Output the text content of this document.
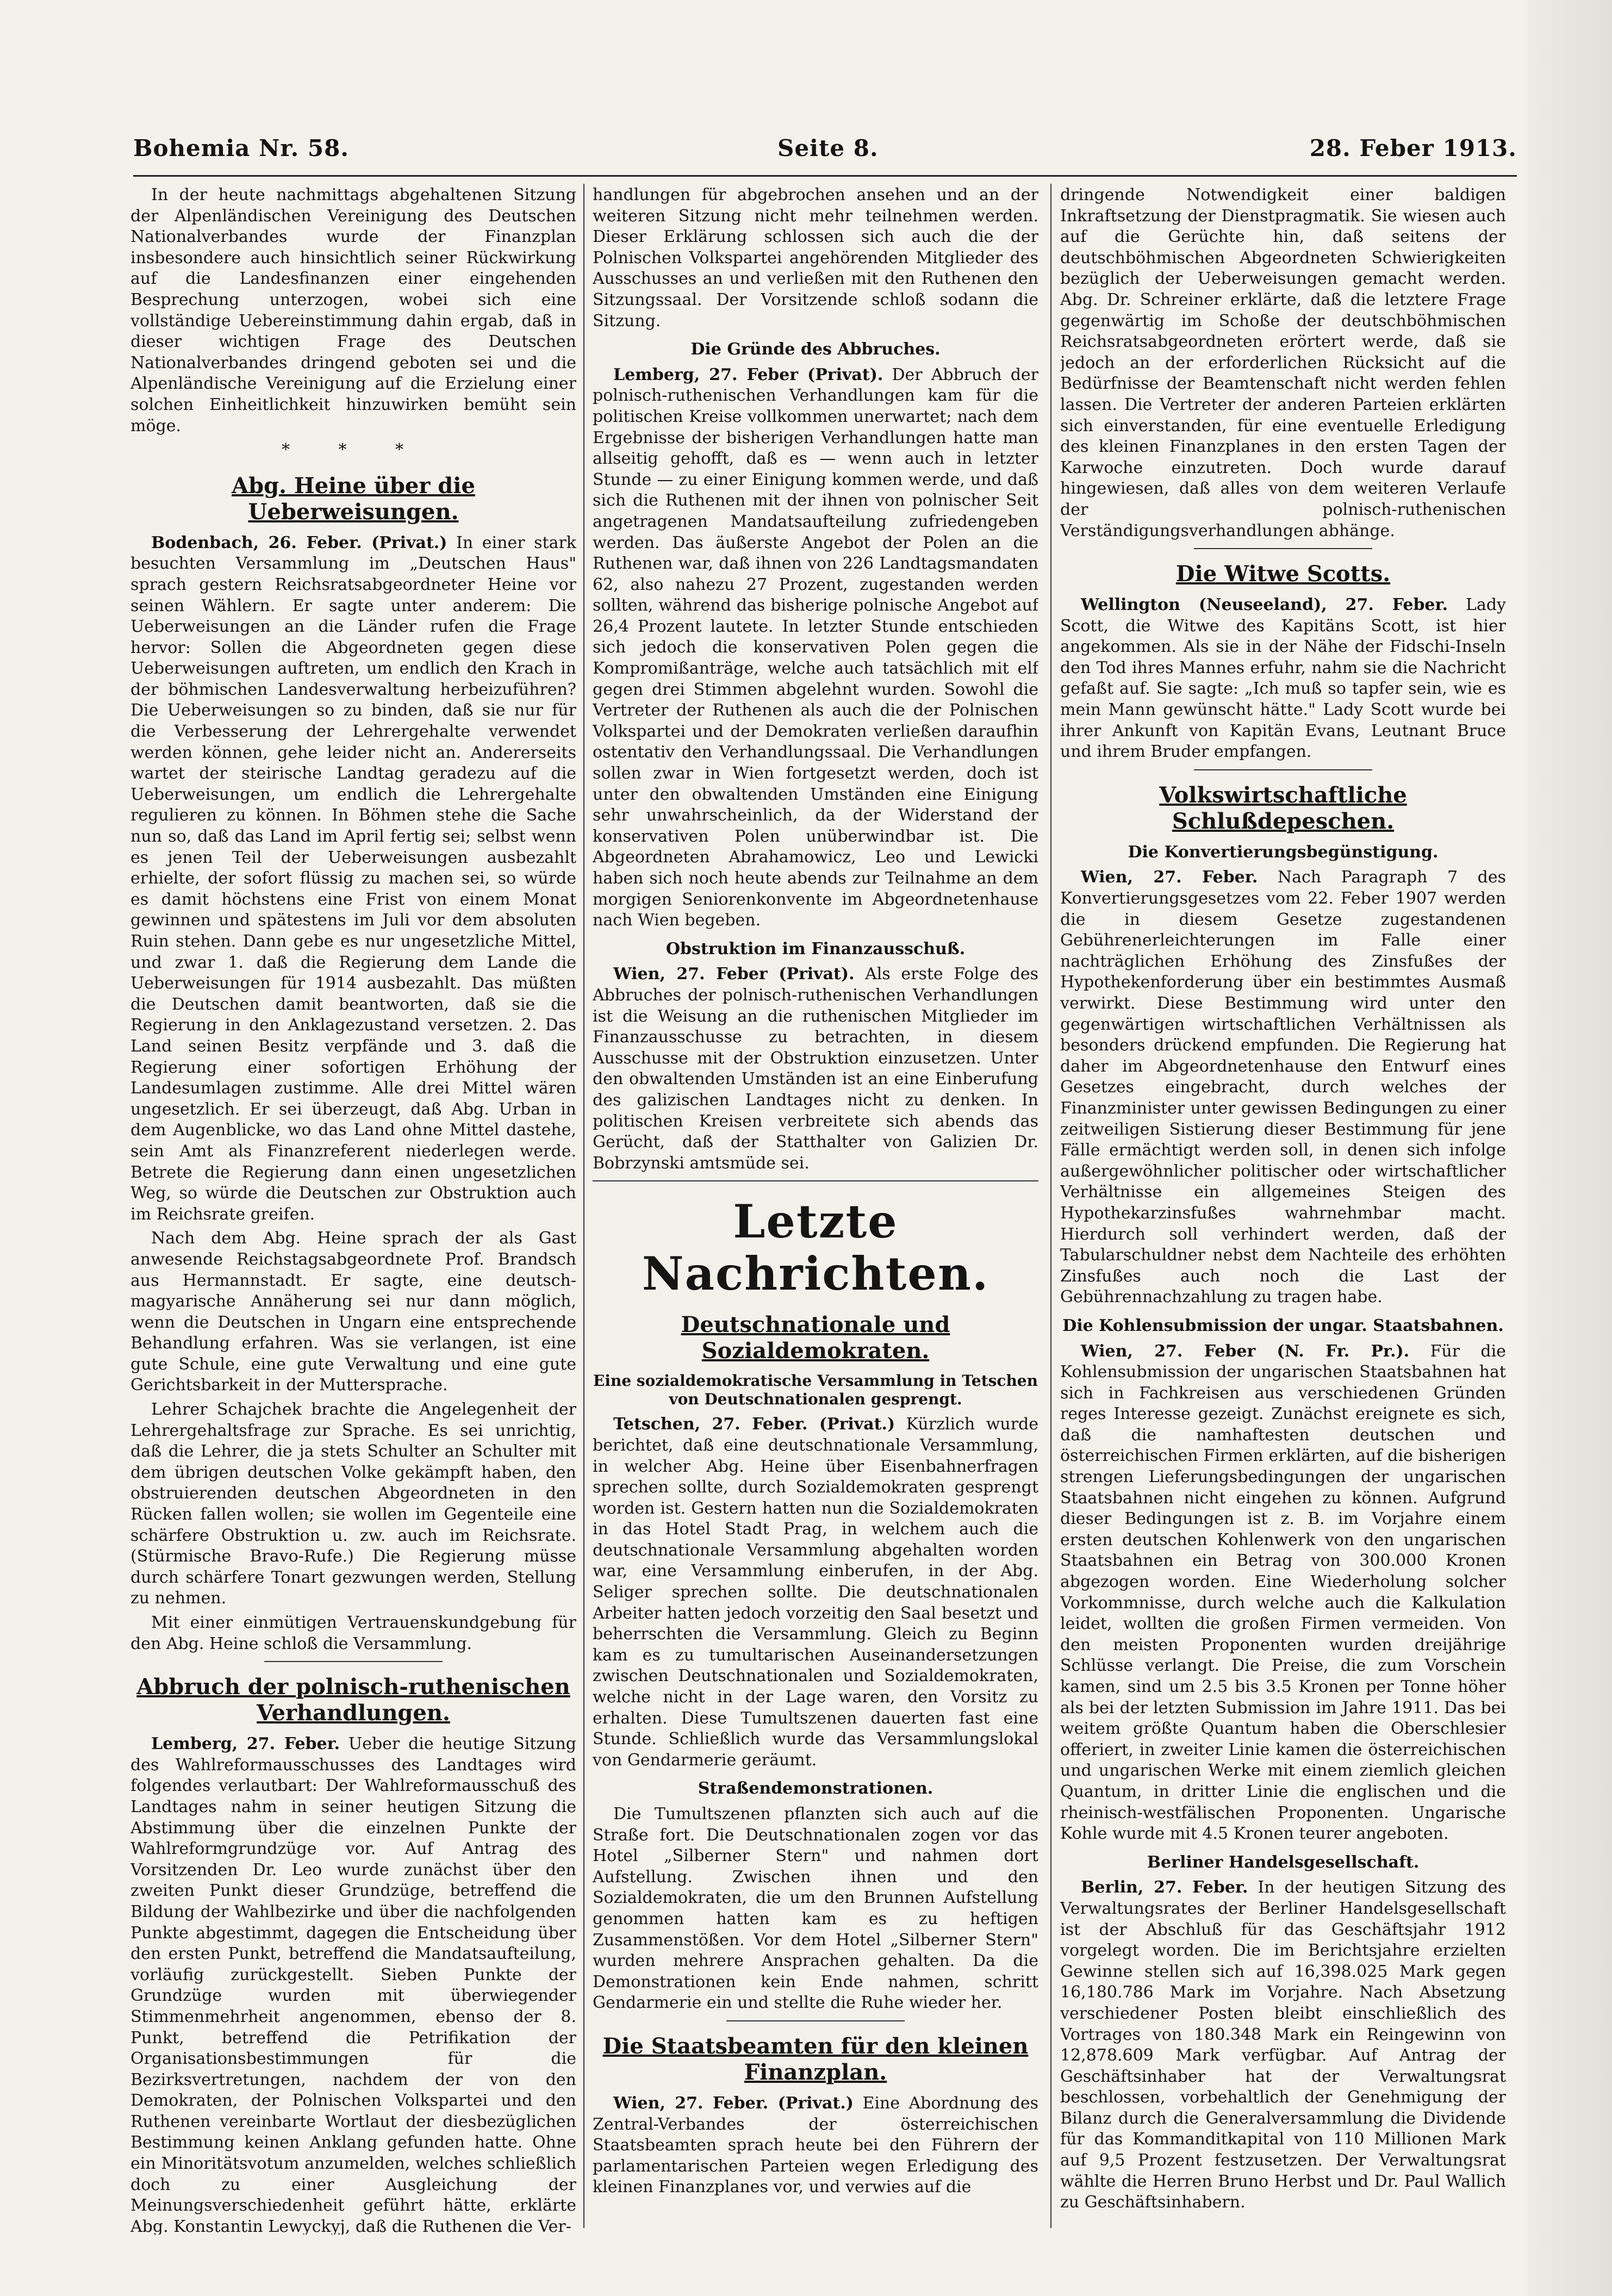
Bohemia Nr. 58.	Seite 8.	28. Feber 1913.

In der heute nachmittags abgehaltenen Sitzung der Alpenländischen Vereinigung des Deutschen Nationalverbandes wurde der Finanzplan insbesondere auch hinsichtlich seiner Rückwirkung auf die Landesfinanzen einer eingehenden Besprechung unterzogen, wobei sich eine vollständige Uebereinstimmung dahin ergab, daß in dieser wichtigen Frage des Deutschen Nationalverbandes dringend geboten sei und die Alpenländische Vereinigung auf die Erzielung einer solchen Einheitlichkeit hinzuwirken bemüht sein möge.

* * *
Abg. Heine über die Ueberweisungen.

Bodenbach, 26. Feber. (Privat.) In einer stark besuchten Versammlung im „Deutschen Haus" sprach gestern Reichsratsabgeordneter Heine vor seinen Wählern. Er sagte unter anderem: Die Ueberweisungen an die Länder rufen die Frage hervor: Sollen die Abgeordneten gegen diese Ueberweisungen auftreten, um endlich den Krach in der böhmischen Landesverwaltung herbeizuführen? Die Ueberweisungen so zu binden, daß sie nur für die Verbesserung der Lehrergehalte verwendet werden können, gehe leider nicht an. Andererseits wartet der steirische Landtag geradezu auf die Ueberweisungen, um endlich die Lehrergehalte regulieren zu können. In Böhmen stehe die Sache nun so, daß das Land im April fertig sei; selbst wenn es jenen Teil der Ueberweisungen ausbezahlt erhielte, der sofort flüssig zu machen sei, so würde es damit höchstens eine Frist von einem Monat gewinnen und spätestens im Juli vor dem absoluten Ruin stehen. Dann gebe es nur ungesetzliche Mittel, und zwar 1. daß die Regierung dem Lande die Ueberweisungen für 1914 ausbezahlt. Das müßten die Deutschen damit beantworten, daß sie die Regierung in den Anklagezustand versetzen. 2. Das Land seinen Besitz verpfände und 3. daß die Regierung einer sofortigen Erhöhung der Landesumlagen zustimme. Alle drei Mittel wären ungesetzlich. Er sei überzeugt, daß Abg. Urban in dem Augenblicke, wo das Land ohne Mittel dastehe, sein Amt als Finanzreferent niederlegen werde. Betrete die Regierung dann einen ungesetzlichen Weg, so würde die Deutschen zur Obstruktion auch im Reichsrate greifen.

Nach dem Abg. Heine sprach der als Gast anwesende Reichstagsabgeordnete Prof. Brandsch aus Hermannstadt. Er sagte, eine deutsch-magyarische Annäherung sei nur dann möglich, wenn die Deutschen in Ungarn eine entsprechende Behandlung erfahren. Was sie verlangen, ist eine gute Schule, eine gute Verwaltung und eine gute Gerichtsbarkeit in der Muttersprache.

Lehrer Schajchek brachte die Angelegenheit der Lehrergehaltsfrage zur Sprache. Es sei unrichtig, daß die Lehrer, die ja stets Schulter an Schulter mit dem übrigen deutschen Volke gekämpft haben, den obstruierenden deutschen Abgeordneten in den Rücken fallen wollen; sie wollen im Gegenteile eine schärfere Obstruktion u. zw. auch im Reichsrate. (Stürmische Bravo-Rufe.) Die Regierung müsse durch schärfere Tonart gezwungen werden, Stellung zu nehmen.

Mit einer einmütigen Vertrauenskundgebung für den Abg. Heine schloß die Versammlung.

Abbruch der polnisch-ruthenischen Verhandlungen.

Lemberg, 27. Feber. Ueber die heutige Sitzung des Wahlreformausschusses des Landtages wird folgendes verlautbart: Der Wahlreformausschuß des Landtages nahm in seiner heutigen Sitzung die Abstimmung über die einzelnen Punkte der Wahlreformgrundzüge vor. Auf Antrag des Vorsitzenden Dr. Leo wurde zunächst über den zweiten Punkt dieser Grundzüge, betreffend die Bildung der Wahlbezirke und über die nachfolgenden Punkte abgestimmt, dagegen die Entscheidung über den ersten Punkt, betreffend die Mandatsaufteilung, vorläufig zurückgestellt. Sieben Punkte der Grundzüge wurden mit überwiegender Stimmenmehrheit angenommen, ebenso der 8. Punkt, betreffend die Petrifikation der Organisationsbestimmungen für die Bezirksvertretungen, nachdem der von den Demokraten, der Polnischen Volkspartei und den Ruthenen vereinbarte Wortlaut der diesbezüglichen Bestimmung keinen Anklang gefunden hatte. Ohne ein Minoritätsvotum anzumelden, welches schließlich doch zu einer Ausgleichung der Meinungsverschiedenheit geführt hätte, erklärte Abg. Konstantin Lewyckyj, daß die Ruthenen die Ver-

handlungen für abgebrochen ansehen und an der weiteren Sitzung nicht mehr teilnehmen werden. Dieser Erklärung schlossen sich auch die der Polnischen Volkspartei angehörenden Mitglieder des Ausschusses an und verließen mit den Ruthenen den Sitzungssaal. Der Vorsitzende schloß sodann die Sitzung.

Die Gründe des Abbruches.

Lemberg, 27. Feber (Privat). Der Abbruch der polnisch-ruthenischen Verhandlungen kam für die politischen Kreise vollkommen unerwartet; nach dem Ergebnisse der bisherigen Verhandlungen hatte man allseitig gehofft, daß es — wenn auch in letzter Stunde — zu einer Einigung kommen werde, und daß sich die Ruthenen mit der ihnen von polnischer Seit angetragenen Mandatsaufteilung zufriedengeben werden. Das äußerste Angebot der Polen an die Ruthenen war, daß ihnen von 226 Landtagsmandaten 62, also nahezu 27 Prozent, zugestanden werden sollten, während das bisherige polnische Angebot auf 26,4 Prozent lautete. In letzter Stunde entschieden sich jedoch die konservativen Polen gegen die Kompromißanträge, welche auch tatsächlich mit elf gegen drei Stimmen abgelehnt wurden. Sowohl die Vertreter der Ruthenen als auch die der Polnischen Volkspartei und der Demokraten verließen daraufhin ostentativ den Verhandlungssaal. Die Verhandlungen sollen zwar in Wien fortgesetzt werden, doch ist unter den obwaltenden Umständen eine Einigung sehr unwahrscheinlich, da der Widerstand der konservativen Polen unüberwindbar ist. Die Abgeordneten Abrahamowicz, Leo und Lewicki haben sich noch heute abends zur Teilnahme an dem morgigen Seniorenkonvente im Abgeordnetenhause nach Wien begeben.

Obstruktion im Finanzausschuß.

Wien, 27. Feber (Privat). Als erste Folge des Abbruches der polnisch-ruthenischen Verhandlungen ist die Weisung an die ruthenischen Mitglieder im Finanzausschusse zu betrachten, in diesem Ausschusse mit der Obstruktion einzusetzen. Unter den obwaltenden Umständen ist an eine Einberufung des galizischen Landtages nicht zu denken. In politischen Kreisen verbreitete sich abends das Gerücht, daß der Statthalter von Galizien Dr. Bobrzynski amtsmüde sei.

Letzte Nachrichten.
Deutschnationale und Sozialdemokraten.
Eine sozialdemokratische Versammlung in Tetschen von Deutschnationalen gesprengt.

Tetschen, 27. Feber. (Privat.) Kürzlich wurde berichtet, daß eine deutschnationale Versammlung, in welcher Abg. Heine über Eisenbahnerfragen sprechen sollte, durch Sozialdemokraten gesprengt worden ist. Gestern hatten nun die Sozialdemokraten in das Hotel Stadt Prag, in welchem auch die deutschnationale Versammlung abgehalten worden war, eine Versammlung einberufen, in der Abg. Seliger sprechen sollte. Die deutschnationalen Arbeiter hatten jedoch vorzeitig den Saal besetzt und beherrschten die Versammlung. Gleich zu Beginn kam es zu tumultarischen Auseinandersetzungen zwischen Deutschnationalen und Sozialdemokraten, welche nicht in der Lage waren, den Vorsitz zu erhalten. Diese Tumultszenen dauerten fast eine Stunde. Schließlich wurde das Versammlungslokal von Gendarmerie geräumt.

Straßendemonstrationen.

Die Tumultszenen pflanzten sich auch auf die Straße fort. Die Deutschnationalen zogen vor das Hotel „Silberner Stern" und nahmen dort Aufstellung. Zwischen ihnen und den Sozialdemokraten, die um den Brunnen Aufstellung genommen hatten kam es zu heftigen Zusammenstößen. Vor dem Hotel „Silberner Stern" wurden mehrere Ansprachen gehalten. Da die Demonstrationen kein Ende nahmen, schritt Gendarmerie ein und stellte die Ruhe wieder her.

Die Staatsbeamten für den kleinen Finanzplan.

Wien, 27. Feber. (Privat.) Eine Abordnung des Zentral-Verbandes der österreichischen Staatsbeamten sprach heute bei den Führern der parlamentarischen Parteien wegen Erledigung des kleinen Finanzplanes vor, und verwies auf die

dringende Notwendigkeit einer baldigen Inkraftsetzung der Dienstpragmatik. Sie wiesen auch auf die Gerüchte hin, daß seitens der deutschböhmischen Abgeordneten Schwierigkeiten bezüglich der Ueberweisungen gemacht werden. Abg. Dr. Schreiner erklärte, daß die letztere Frage gegenwärtig im Schoße der deutschböhmischen Reichsratsabgeordneten erörtert werde, daß sie jedoch an der erforderlichen Rücksicht auf die Bedürfnisse der Beamtenschaft nicht werden fehlen lassen. Die Vertreter der anderen Parteien erklärten sich einverstanden, für eine eventuelle Erledigung des kleinen Finanzplanes in den ersten Tagen der Karwoche einzutreten. Doch wurde darauf hingewiesen, daß alles von dem weiteren Verlaufe der polnisch-ruthenischen Verständigungsverhandlungen abhänge.

Die Witwe Scotts.

Wellington (Neuseeland), 27. Feber. Lady Scott, die Witwe des Kapitäns Scott, ist hier angekommen. Als sie in der Nähe der Fidschi-Inseln den Tod ihres Mannes erfuhr, nahm sie die Nachricht gefaßt auf. Sie sagte: „Ich muß so tapfer sein, wie es mein Mann gewünscht hätte." Lady Scott wurde bei ihrer Ankunft von Kapitän Evans, Leutnant Bruce und ihrem Bruder empfangen.

Volkswirtschaftliche Schlußdepeschen.
Die Konvertierungsbegünstigung.

Wien, 27. Feber. Nach Paragraph 7 des Konvertierungsgesetzes vom 22. Feber 1907 werden die in diesem Gesetze zugestandenen Gebührenerleichterungen im Falle einer nachträglichen Erhöhung des Zinsfußes der Hypothekenforderung über ein bestimmtes Ausmaß verwirkt. Diese Bestimmung wird unter den gegenwärtigen wirtschaftlichen Verhältnissen als besonders drückend empfunden. Die Regierung hat daher im Abgeordnetenhause den Entwurf eines Gesetzes eingebracht, durch welches der Finanzminister unter gewissen Bedingungen zu einer zeitweiligen Sistierung dieser Bestimmung für jene Fälle ermächtigt werden soll, in denen sich infolge außergewöhnlicher politischer oder wirtschaftlicher Verhältnisse ein allgemeines Steigen des Hypothekarzinsfußes wahrnehmbar macht. Hierdurch soll verhindert werden, daß der Tabularschuldner nebst dem Nachteile des erhöhten Zinsfußes auch noch die Last der Gebührennachzahlung zu tragen habe.

Die Kohlensubmission der ungar. Staatsbahnen.

Wien, 27. Feber (N. Fr. Pr.). Für die Kohlensubmission der ungarischen Staatsbahnen hat sich in Fachkreisen aus verschiedenen Gründen reges Interesse gezeigt. Zunächst ereignete es sich, daß die namhaftesten deutschen und österreichischen Firmen erklärten, auf die bisherigen strengen Lieferungsbedingungen der ungarischen Staatsbahnen nicht eingehen zu können. Aufgrund dieser Bedingungen ist z. B. im Vorjahre einem ersten deutschen Kohlenwerk von den ungarischen Staatsbahnen ein Betrag von 300.000 Kronen abgezogen worden. Eine Wiederholung solcher Vorkommnisse, durch welche auch die Kalkulation leidet, wollten die großen Firmen vermeiden. Von den meisten Proponenten wurden dreijährige Schlüsse verlangt. Die Preise, die zum Vorschein kamen, sind um 2.5 bis 3.5 Kronen per Tonne höher als bei der letzten Submission im Jahre 1911. Das bei weitem größte Quantum haben die Oberschlesier offeriert, in zweiter Linie kamen die österreichischen und ungarischen Werke mit einem ziemlich gleichen Quantum, in dritter Linie die englischen und die rheinisch-westfälischen Proponenten. Ungarische Kohle wurde mit 4.5 Kronen teurer angeboten.

Berliner Handelsgesellschaft.

Berlin, 27. Feber. In der heutigen Sitzung des Verwaltungsrates der Berliner Handelsgesellschaft ist der Abschluß für das Geschäftsjahr 1912 vorgelegt worden. Die im Berichtsjahre erzielten Gewinne stellen sich auf 16,398.025 Mark gegen 16,180.786 Mark im Vorjahre. Nach Absetzung verschiedener Posten bleibt einschließlich des Vortrages von 180.348 Mark ein Reingewinn von 12,878.609 Mark verfügbar. Auf Antrag der Geschäftsinhaber hat der Verwaltungsrat beschlossen, vorbehaltlich der Genehmigung der Bilanz durch die Generalversammlung die Dividende für das Kommanditkapital von 110 Millionen Mark auf 9,5 Prozent festzusetzen. Der Verwaltungsrat wählte die Herren Bruno Herbst und Dr. Paul Wallich zu Geschäftsinhabern.
